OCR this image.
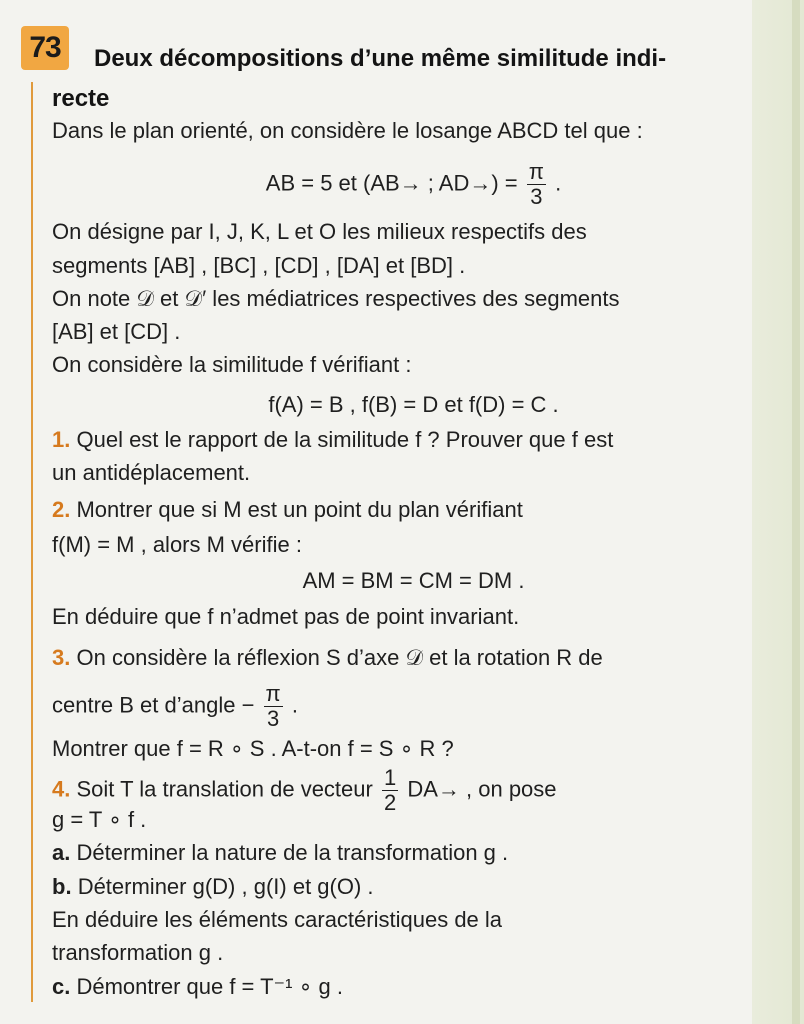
73	Deux décompositions d’une même similitude indi-
recte
Dans le plan orienté, on considère le losange ABCD tel que :
AB = 5 et (AB→ ; $AD\to) = \frac{\pi}{3}$ .
On désigne par I, J, K, L et O les milieux respectifs des
segments [AB] , [BC] , [CD] , [DA] et [BD] .
On note 𝒟 et 𝒟′ les médiatrices respectives des segments
[AB] et [CD] .
On considère la similitude f vérifiant :
f(A) = B , f(B) = D et f(D) = C .
1. Quel est le rapport de la similitude f ? Prouver que f est
un antidéplacement.
2. Montrer que si M est un point du plan vérifiant
f(M) = M , alors M vérifie :
AM = BM = CM = DM .
En déduire que f n’admet pas de point invariant.
3. On considère la réflexion S d’axe 𝒟 et la rotation R de
centre B et d’angle − $\frac{\pi}{3}$ .
Montrer que f = R ∘ S . A-t-on f = S ∘ R ?
4. Soit T la translation de vecteur $\frac{1}{2} DA\to$ , on pose
g = T ∘ f .
a. Déterminer la nature de la transformation g .
b. Déterminer g(D) , g(I) et g(O) .
En déduire les éléments caractéristiques de la
transformation g .
c. Démontrer que f = T⁻¹ ∘ g .
